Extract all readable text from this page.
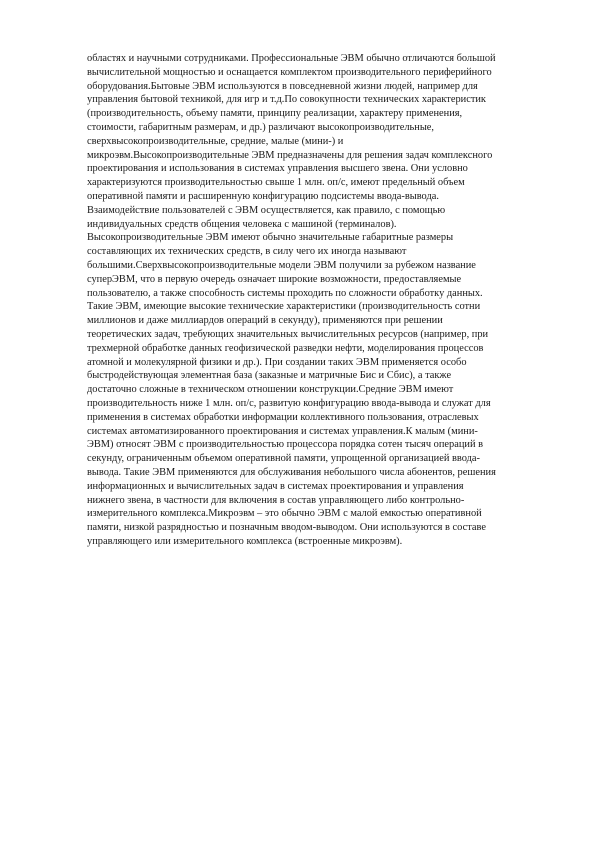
областях и научными сотрудниками. Профессиональные ЭВМ обычно отличаются большой
вычислительной мощностью и оснащается комплектом производительного периферийного
оборудования.Бытовые ЭВМ используются в повседневной жизни людей, например для
управления бытовой техникой, для игр и т.д.По совокупности технических характеристик
(производительность, объему памяти, принципу реализации, характеру применения,
стоимости, габаритным размерам, и др.) различают высокопроизводительные,
сверхвысокопроизводительные, средние, малые (мини-) и
микроэвм.Высокопроизводительные ЭВМ предназначены для решения задач комплексного
проектирования и использования в системах управления высшего звена. Они условно
характеризуются производительностью свыше 1 млн. оп/с, имеют предельный объем
оперативной памяти и расширенную конфигурацию подсистемы ввода-вывода.
Взаимодействие пользователей с ЭВМ осуществляется, как правило, с помощью
индивидуальных средств общения человека с машиной (терминалов).
Высокопроизводительные ЭВМ имеют обычно значительные габаритные размеры
составляющих их технических средств, в силу чего их иногда называют
большими.Сверхвысокопроизводительные модели ЭВМ получили за рубежом название
суперЭВМ, что в первую очередь означает широкие возможности, предоставляемые
пользователю, а также способность системы проходить по сложности обработку данных.
Такие ЭВМ, имеющие высокие технические характеристики (производительность сотни
миллионов и даже миллиардов операций в секунду), применяются при решении
теоретических задач, требующих значительных вычислительных ресурсов (например, при
трехмерной обработке данных геофизической разведки нефти, моделирования процессов
атомной и молекулярной физики и др.). При создании таких ЭВМ применяется особо
быстродействующая элементная база (заказные и матричные Бис и Сбис), а также
достаточно сложные в техническом отношении конструкции.Средние ЭВМ имеют
производительность ниже 1 млн. оп/с, развитую конфигурацию ввода-вывода и служат для
применения в системах обработки информации коллективного пользования, отраслевых
системах автоматизированного проектирования и системах управления.К малым (мини-
ЭВМ) относят ЭВМ с производительностью процессора порядка сотен тысяч операций в
секунду, ограниченным объемом оперативной памяти, упрощенной организацией ввода-
вывода. Такие ЭВМ применяются для обслуживания небольшого числа абонентов, решения
информационных и вычислительных задач в системах проектирования и управления
нижнего звена, в частности для включения в состав управляющего либо контрольно-
измерительного комплекса.Микроэвм – это обычно ЭВМ с малой емкостью оперативной
памяти, низкой разрядностью и позначным вводом-выводом. Они используются в составе
управляющего или измерительного комплекса (встроенные микроэвм).
